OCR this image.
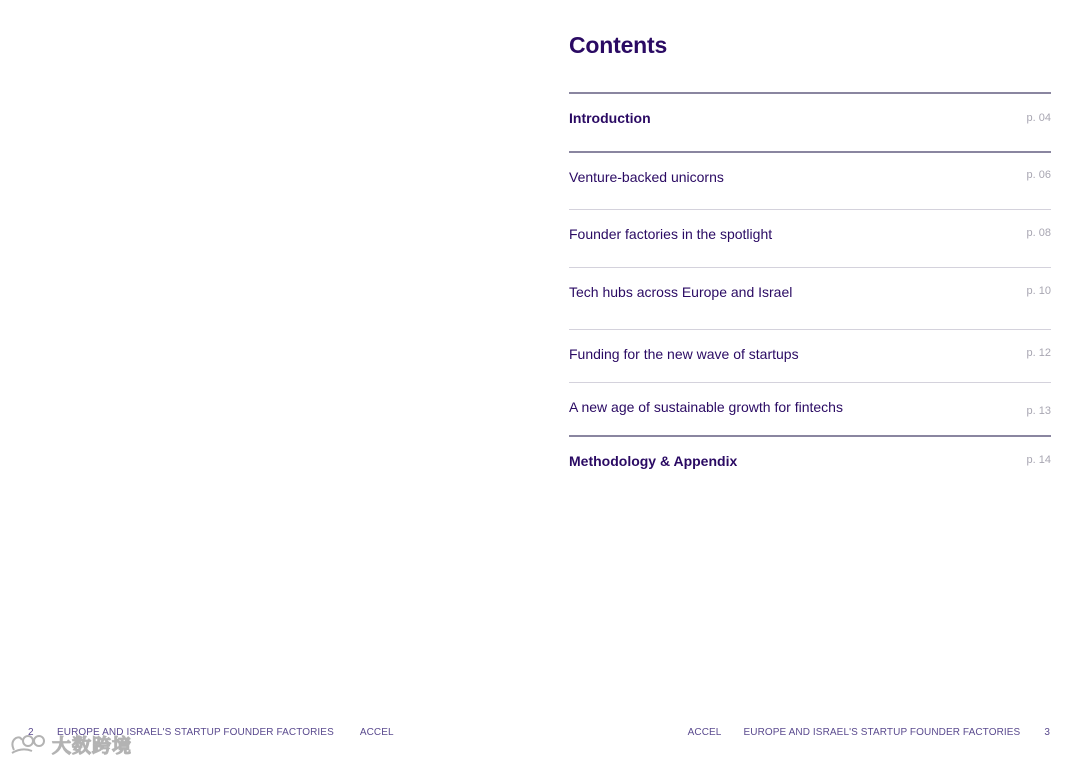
Contents
Introduction	p. 04
Venture-backed unicorns	p. 06
Founder factories in the spotlight	p. 08
Tech hubs across Europe and Israel	p. 10
Funding for the new wave of startups	p. 12
A new age of sustainable growth for fintechs	p. 13
Methodology & Appendix	p. 14
2 EUROPE AND ISRAEL'S STARTUP FOUNDER FACTORIES	ACCEL	ACCEL EUROPE AND ISRAEL'S STARTUP FOUNDER FACTORIES 3
大数跨境
